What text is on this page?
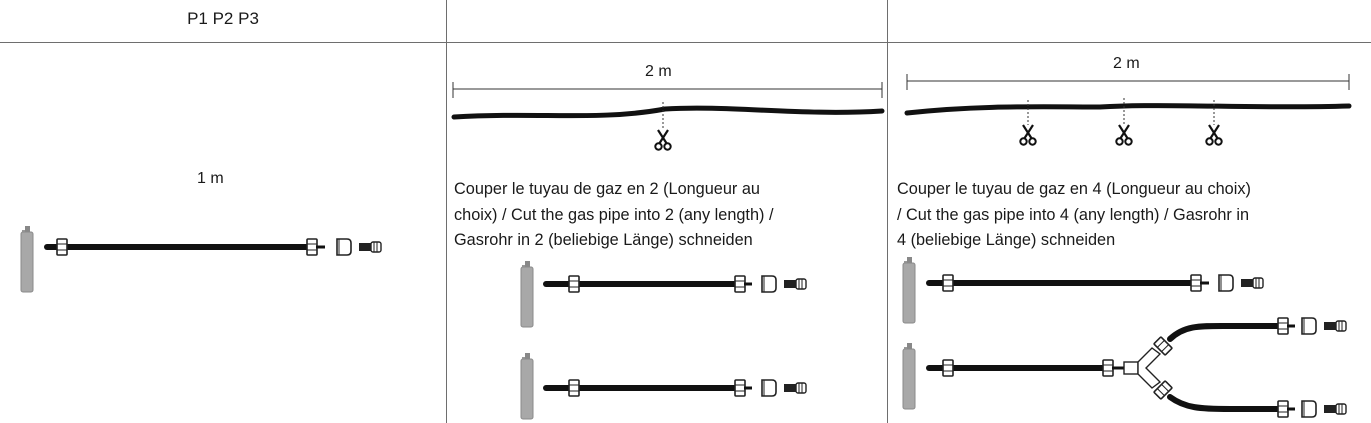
P1 P2 P3
1 m
2 m	2 m
Couper le tuyau de gaz en 2 (Longueur au
choix) / Cut the gas pipe into 2 (any length) /
Gasrohr in 2 (beliebige Länge) schneiden
Couper le tuyau de gaz en 4 (Longueur au choix)
/ Cut the gas pipe into 4 (any length) / Gasrohr in
4 (beliebige Länge) schneiden
